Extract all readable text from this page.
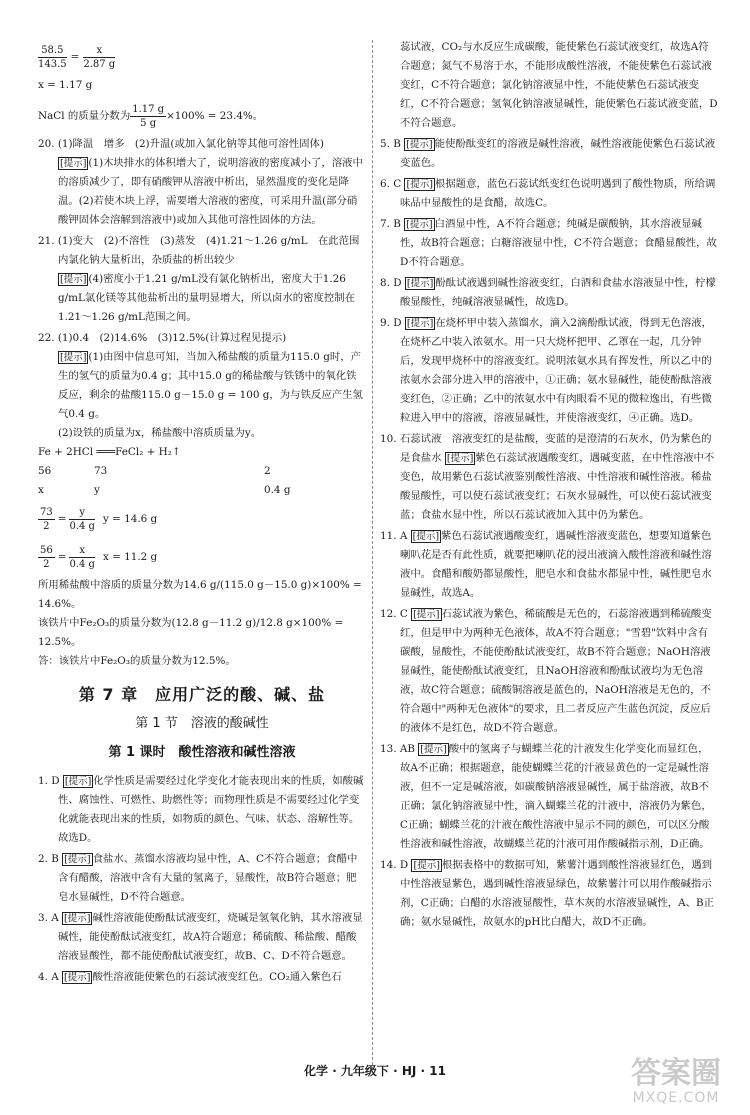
$\frac{58.5}{143.5} = \frac{x}{2.87 g}$

x = 1.17 g

NaCl 的质量分数为 $\frac{1.17 g}{5 g} \times 100\% = 23.4\%$。

20. (1)降温　增多　(2)升温(或加入氯化钠等其他可溶性固体)

[提示] (1)木块排水的体积增大了，说明溶液的密度减小了，溶液中的溶质减少了，即有硝酸钾从溶液中析出，显然温度的变化是降温。(2)若使木块上浮，需要增大溶液的密度，可采用升温(部分硝酸钾固体会溶解到溶液中)或加入其他可溶性固体的方法。

21. (1)变大　(2)不溶性　(3)蒸发　(4)1.21～1.26 g/mL　在此范围内氯化钠大量析出，杂质盐的析出较少

[提示] (4)密度小于1.21 g/mL没有氯化钠析出，密度大于1.26 g/mL氯化镁等其他盐析出的量明显增大，所以卤水的密度控制在1.21～1.26 g/mL范围之间。

22. (1)0.4　(2)14.6%　(3)12.5%(计算过程见提示)

[提示] (1)由图中信息可知，当加入稀盐酸的质量为115.0 g时，产生的氢气的质量为0.4 g；其中15.0 g的稀盐酸与铁锈中的氧化铁反应，剩余的盐酸115.0 g－15.0 g = 100 g，为与铁反应产生氢气0.4 g。

(2)设铁的质量为x，稀盐酸中溶质质量为y。

Fe + 2HCl ═══FeCl₂ + H₂↑

56	73	2
x	y	0.4 g
$\frac{73}{2} = \frac{y}{0.4 g}$ y = 14.6 g
$\frac{56}{2} = \frac{x}{0.4 g}$ x = 11.2 g

所用稀盐酸中溶质的质量分数为14.6 g/(115.0 g－15.0 g)×100% = 14.6%。

该铁片中Fe₂O₃的质量分数为(12.8 g－11.2 g)/12.8 g×100% = 12.5%。

答：该铁片中Fe₂O₃的质量分数为12.5%。

第 7 章　应用广泛的酸、碱、盐
第 1 节　溶液的酸碱性
第 1 课时　酸性溶液和碱性溶液

1. D [提示] 化学性质是需要经过化学变化才能表现出来的性质，如酸碱性、腐蚀性、可燃性、助燃性等；而物理性质是不需要经过化学变化就能表现出来的性质，如物质的颜色、气味、状态、溶解性等。故选D。

2. B [提示] 食盐水、蒸馏水溶液均显中性，A、C不符合题意；食醋中含有醋酸，溶液中含有大量的氢离子，显酸性，故B符合题意；肥皂水显碱性，D不符合题意。

3. A [提示] 碱性溶液能使酚酞试液变红，烧碱是氢氧化钠，其水溶液显碱性，能使酚酞试液变红，故A符合题意；稀硫酸、稀盐酸、醋酸溶液显酸性，都不能使酚酞试液变红，故B、C、D不符合题意。

4. A [提示] 酸性溶液能使紫色的石蕊试液变红色。CO₂通入紫色石

蕊试液，CO₂与水反应生成碳酸，能使紫色石蕊试液变红，故选A符合题意；氮气不易溶于水，不能形成酸性溶液，不能使紫色石蕊试液变红，C不符合题意；氯化钠溶液显中性，不能使紫色石蕊试液变红，C不符合题意；氢氧化钠溶液显碱性，能使紫色石蕊试液变蓝，D不符合题意。

5. B [提示] 能使酚酞变红的溶液是碱性溶液，碱性溶液能使紫色石蕊试液变蓝色。

6. C [提示] 根据题意，蓝色石蕊试纸变红色说明遇到了酸性物质，所给调味品中显酸性的是食醋，故选C。

7. B [提示] 白酒显中性，A不符合题意；纯碱是碳酸钠，其水溶液显碱性，故B符合题意；白糖溶液显中性，C不符合题意；食醋显酸性，故D不符合题意。

8. D [提示] 酚酞试液遇到碱性溶液变红，白酒和食盐水溶液显中性，柠檬酸显酸性，纯碱溶液显碱性，故选D。

9. D [提示] 在烧杯甲中装入蒸馏水，滴入2滴酚酞试液，得到无色溶液，在烧杯乙中装入浓氨水。用一只大烧杯把甲、乙罩在一起，几分钟后，发现甲烧杯中的溶液变红。说明浓氨水具有挥发性，所以乙中的浓氨水会部分进入甲的溶液中，①正确；氨水显碱性，能使酚酞溶液变红色，②正确；乙中的浓氨水中有肉眼看不见的微粒逸出，有些微粒进入甲中的溶液，溶液显碱性，并使溶液变红，④正确。选D。

10. 石蕊试液　溶液变红的是盐酸，变蓝的是澄清的石灰水，仍为紫色的是食盐水 [提示] 紫色石蕊试液遇酸变红，遇碱变蓝，在中性溶液中不变色，故用紫色石蕊试液鉴别酸性溶液、中性溶液和碱性溶液。稀盐酸显酸性，可以使石蕊试液变红；石灰水显碱性，可以使石蕊试液变蓝；食盐水显中性，所以石蕊试液加入其中仍为紫色。

11. A [提示] 紫色石蕊试液遇酸变红，遇碱性溶液变蓝色，想要知道紫色喇叭花是否有此性质，就要把喇叭花的浸出液滴入酸性溶液和碱性溶液中。食醋和酸奶都显酸性，肥皂水和食盐水都显中性，碱性肥皂水显碱性，故选A。

12. C [提示] 石蕊试液为紫色，稀硫酸是无色的，石蕊溶液遇到稀硫酸变红，但是甲中为两种无色液体，故A不符合题意；"雪碧"饮料中含有碳酸，显酸性，不能使酚酞试液变红，故B不符合题意；NaOH溶液显碱性，能使酚酞试液变红，且NaOH溶液和酚酞试液均为无色溶液，故C符合题意；硫酸铜溶液是蓝色的，NaOH溶液是无色的，不符合题中"两种无色液体"的要求，且二者反应产生蓝色沉淀，反应后的液体不是红色，故D不符合题意。

13. AB [提示] 酸中的氢离子与蝴蝶兰花的汁液发生化学变化而显红色，故A不正确；根据题意，能使蝴蝶兰花的汁液显黄色的一定是碱性溶液，但不一定是碱溶液，如碳酸钠溶液显碱性，属于盐溶液，故B不正确；氯化钠溶液显中性，滴入蝴蝶兰花的汁液中，溶液仍为紫色，C正确；蝴蝶兰花的汁液在酸性溶液中显示不同的颜色，可以区分酸性溶液和碱性溶液，故蝴蝶兰花的汁液可用作酸碱指示剂，D正确。

14. D [提示] 根据表格中的数据可知，紫薯汁遇到酸性溶液显红色，遇到中性溶液显紫色，遇到碱性溶液显绿色，故紫薯汁可以用作酸碱指示剂，C正确；白醋的水溶液显酸性，草木灰的水溶液显碱性，A、B正确；氨水显碱性，故氨水的pH比白醋大，故D不正确。

化学 · 九年级下 · HJ · 11	答案圈
MXQE.COM
